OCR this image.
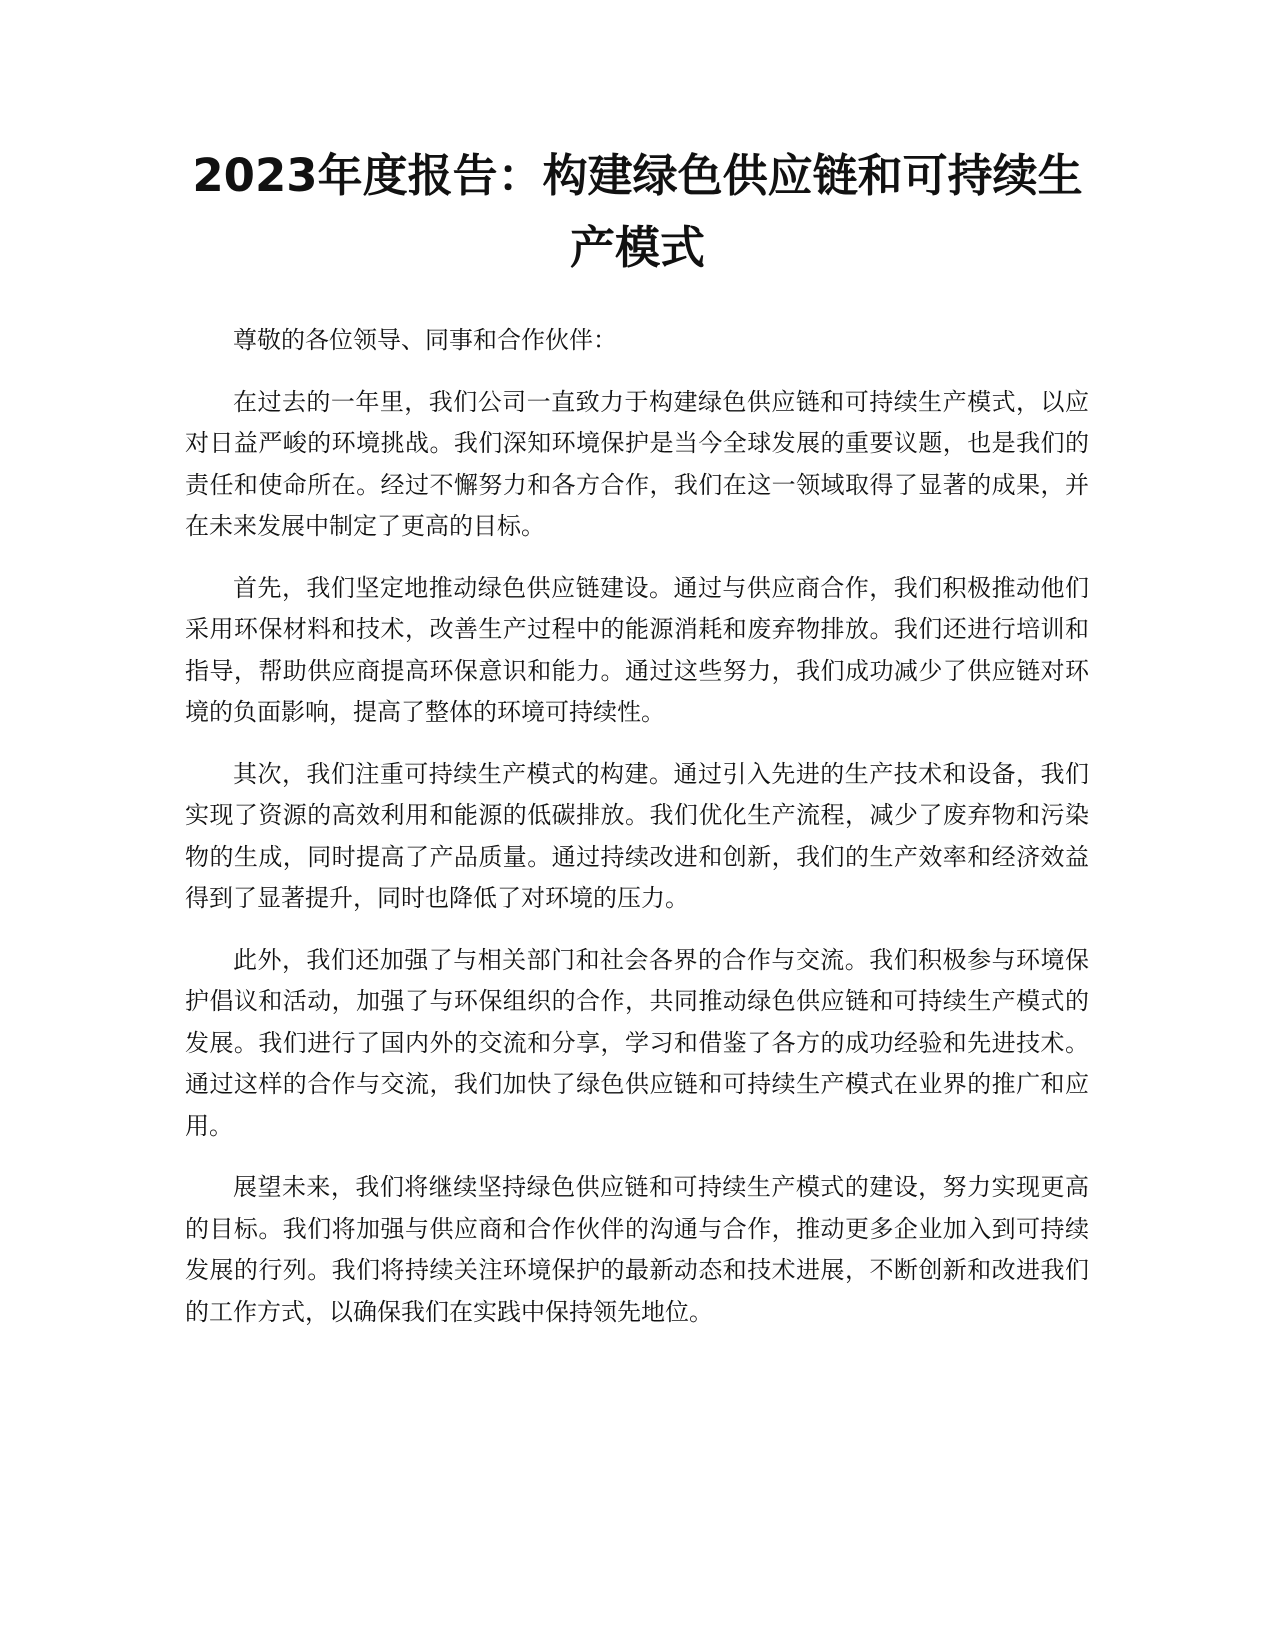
2023年度报告：构建绿色供应链和可持续生产模式

尊敬的各位领导、同事和合作伙伴：

在过去的一年里，我们公司一直致力于构建绿色供应链和可持续生产模式，以应对日益严峻的环境挑战。我们深知环境保护是当今全球发展的重要议题，也是我们的责任和使命所在。经过不懈努力和各方合作，我们在这一领域取得了显著的成果，并在未来发展中制定了更高的目标。

首先，我们坚定地推动绿色供应链建设。通过与供应商合作，我们积极推动他们采用环保材料和技术，改善生产过程中的能源消耗和废弃物排放。我们还进行培训和指导，帮助供应商提高环保意识和能力。通过这些努力，我们成功减少了供应链对环境的负面影响，提高了整体的环境可持续性。

其次，我们注重可持续生产模式的构建。通过引入先进的生产技术和设备，我们实现了资源的高效利用和能源的低碳排放。我们优化生产流程，减少了废弃物和污染物的生成，同时提高了产品质量。通过持续改进和创新，我们的生产效率和经济效益得到了显著提升，同时也降低了对环境的压力。

此外，我们还加强了与相关部门和社会各界的合作与交流。我们积极参与环境保护倡议和活动，加强了与环保组织的合作，共同推动绿色供应链和可持续生产模式的发展。我们进行了国内外的交流和分享，学习和借鉴了各方的成功经验和先进技术。通过这样的合作与交流，我们加快了绿色供应链和可持续生产模式在业界的推广和应用。

展望未来，我们将继续坚持绿色供应链和可持续生产模式的建设，努力实现更高的目标。我们将加强与供应商和合作伙伴的沟通与合作，推动更多企业加入到可持续发展的行列。我们将持续关注环境保护的最新动态和技术进展，不断创新和改进我们的工作方式，以确保我们在实践中保持领先地位。
